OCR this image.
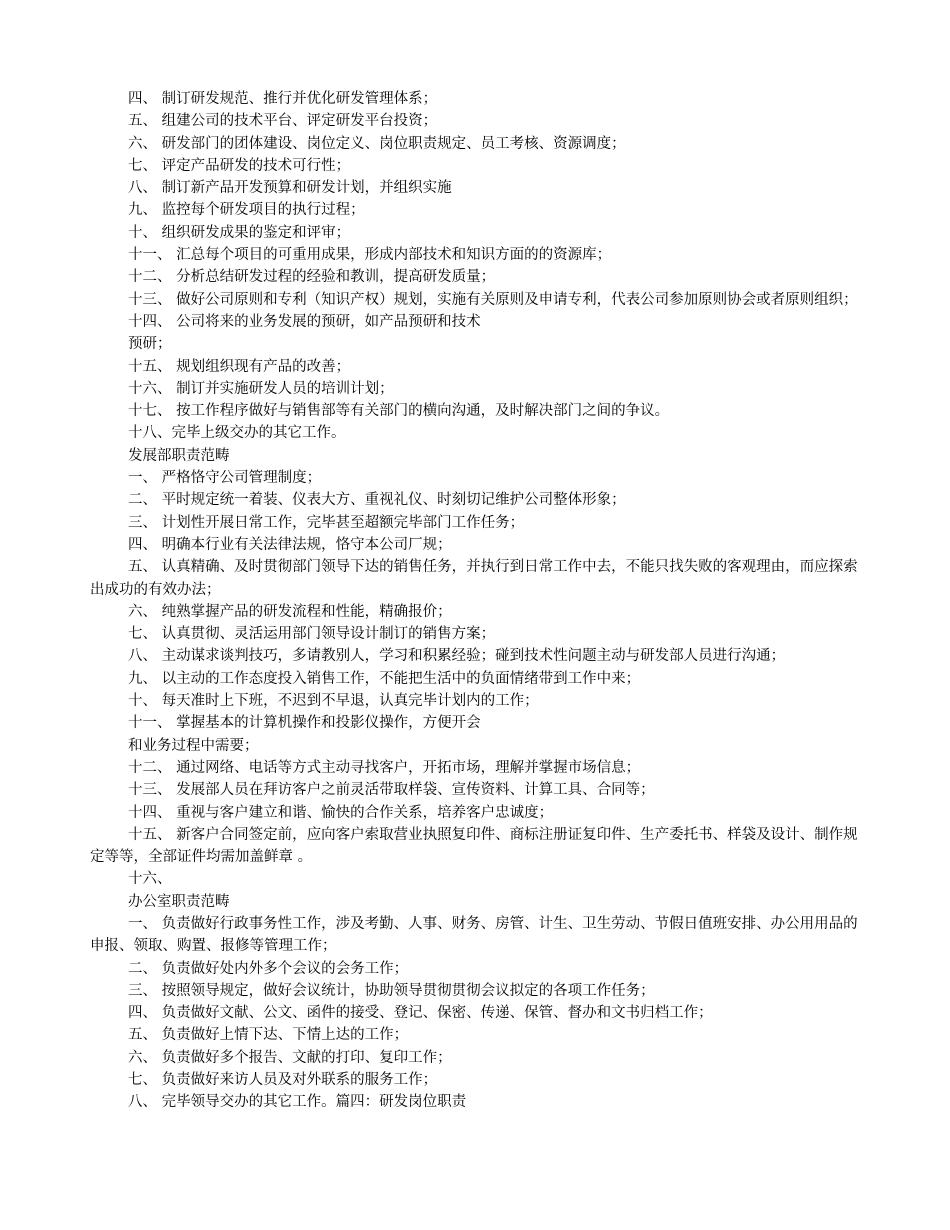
四、 制订研发规范、推行并优化研发管理体系；
五、 组建公司的技术平台、评定研发平台投资；
六、 研发部门的团体建设、岗位定义、岗位职责规定、员工考核、资源调度；
七、 评定产品研发的技术可行性；
八、 制订新产品开发预算和研发计划，并组织实施
九、 监控每个研发项目的执行过程；
十、 组织研发成果的鉴定和评审；
十一、 汇总每个项目的可重用成果，形成内部技术和知识方面的的资源库；
十二、 分析总结研发过程的经验和教训，提高研发质量；
十三、 做好公司原则和专利（知识产权）规划，实施有关原则及申请专利，代表公司参加原则协会或者原则组织；
十四、 公司将来的业务发展的预研，如产品预研和技术
预研；
十五、 规划组织现有产品的改善；
十六、 制订并实施研发人员的培训计划；
十七、 按工作程序做好与销售部等有关部门的横向沟通，及时解决部门之间的争议。
十八、完毕上级交办的其它工作。
发展部职责范畴
一、 严格恪守公司管理制度；
二、 平时规定统一着装、仪表大方、重视礼仪、时刻切记维护公司整体形象；
三、 计划性开展日常工作，完毕甚至超额完毕部门工作任务；
四、 明确本行业有关法律法规，恪守本公司厂规；
五、 认真精确、及时贯彻部门领导下达的销售任务，并执行到日常工作中去，不能只找失败的客观理由，而应探索出成功的有效办法；
六、 纯熟掌握产品的研发流程和性能，精确报价；
七、 认真贯彻、灵活运用部门领导设计制订的销售方案；
八、 主动谋求谈判技巧，多请教别人，学习和积累经验；碰到技术性问题主动与研发部人员进行沟通；
九、 以主动的工作态度投入销售工作，不能把生活中的负面情绪带到工作中来；
十、 每天准时上下班，不迟到不早退，认真完毕计划内的工作；
十一、 掌握基本的计算机操作和投影仪操作，方便开会
和业务过程中需要；
十二、 通过网络、电话等方式主动寻找客户，开拓市场，理解并掌握市场信息；
十三、 发展部人员在拜访客户之前灵活带取样袋、宣传资料、计算工具、合同等；
十四、 重视与客户建立和谐、愉快的合作关系，培养客户忠诚度；
十五、 新客户合同签定前，应向客户索取营业执照复印件、商标注册证复印件、生产委托书、样袋及设计、制作规定等等，全部证件均需加盖鲜章 。
十六、
办公室职责范畴
一、 负责做好行政事务性工作，涉及考勤、人事、财务、房管、计生、卫生劳动、节假日值班安排、办公用用品的申报、领取、购置、报修等管理工作；
二、 负责做好处内外多个会议的会务工作；
三、 按照领导规定，做好会议统计，协助领导贯彻贯彻会议拟定的各项工作任务；
四、 负责做好文献、公文、函件的接受、登记、保密、传递、保管、督办和文书归档工作；
五、 负责做好上情下达、下情上达的工作；
六、 负责做好多个报告、文献的打印、复印工作；
七、 负责做好来访人员及对外联系的服务工作；
八、 完毕领导交办的其它工作。篇四：研发岗位职责
